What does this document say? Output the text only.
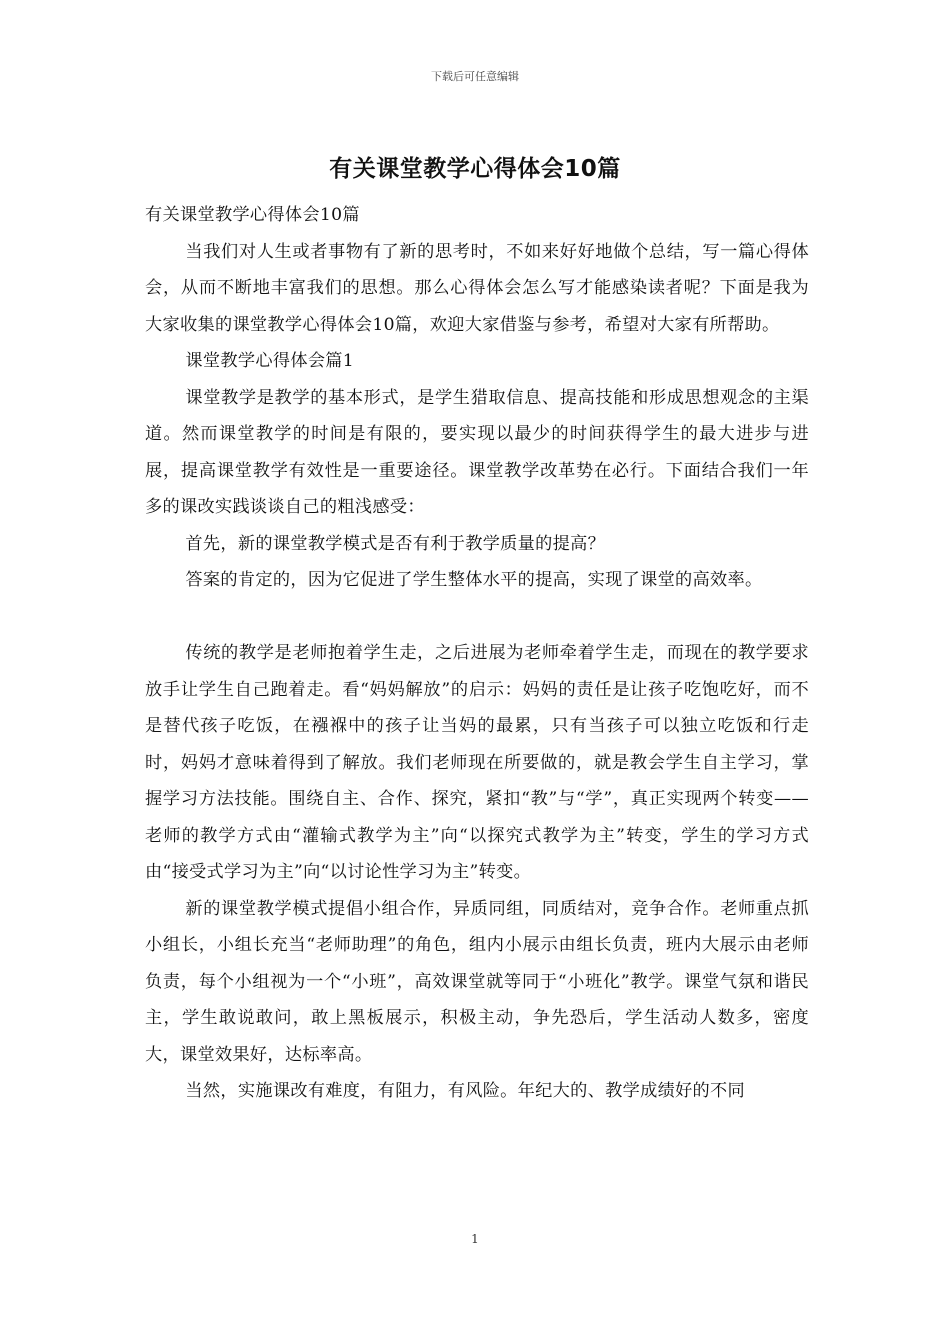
下载后可任意编辑
有关课堂教学心得体会10篇

有关课堂教学心得体会10篇

当我们对人生或者事物有了新的思考时，不如来好好地做个总结，写一篇心得体会，从而不断地丰富我们的思想。那么心得体会怎么写才能感染读者呢？下面是我为大家收集的课堂教学心得体会10篇，欢迎大家借鉴与参考，希望对大家有所帮助。

课堂教学心得体会篇1

课堂教学是教学的基本形式，是学生猎取信息、提高技能和形成思想观念的主渠道。然而课堂教学的时间是有限的，要实现以最少的时间获得学生的最大进步与进展，提高课堂教学有效性是一重要途径。课堂教学改革势在必行。下面结合我们一年多的课改实践谈谈自己的粗浅感受：

首先，新的课堂教学模式是否有利于教学质量的提高？

答案的肯定的，因为它促进了学生整体水平的提高，实现了课堂的高效率。

传统的教学是老师抱着学生走，之后进展为老师牵着学生走，而现在的教学要求放手让学生自己跑着走。看“妈妈解放”的启示：妈妈的责任是让孩子吃饱吃好，而不是替代孩子吃饭，在襁褓中的孩子让当妈的最累，只有当孩子可以独立吃饭和行走时，妈妈才意味着得到了解放。我们老师现在所要做的，就是教会学生自主学习，掌握学习方法技能。围绕自主、合作、探究，紧扣“教”与“学”，真正实现两个转变——老师的教学方式由“灌输式教学为主”向“以探究式教学为主”转变，学生的学习方式由“接受式学习为主”向“以讨论性学习为主”转变。

新的课堂教学模式提倡小组合作，异质同组，同质结对，竞争合作。老师重点抓小组长，小组长充当“老师助理”的角色，组内小展示由组长负责，班内大展示由老师负责，每个小组视为一个“小班”，高效课堂就等同于“小班化”教学。课堂气氛和谐民主，学生敢说敢问，敢上黑板展示，积极主动，争先恐后，学生活动人数多，密度大，课堂效果好，达标率高。

当然，实施课改有难度，有阻力，有风险。年纪大的、教学成绩好的不同

1
